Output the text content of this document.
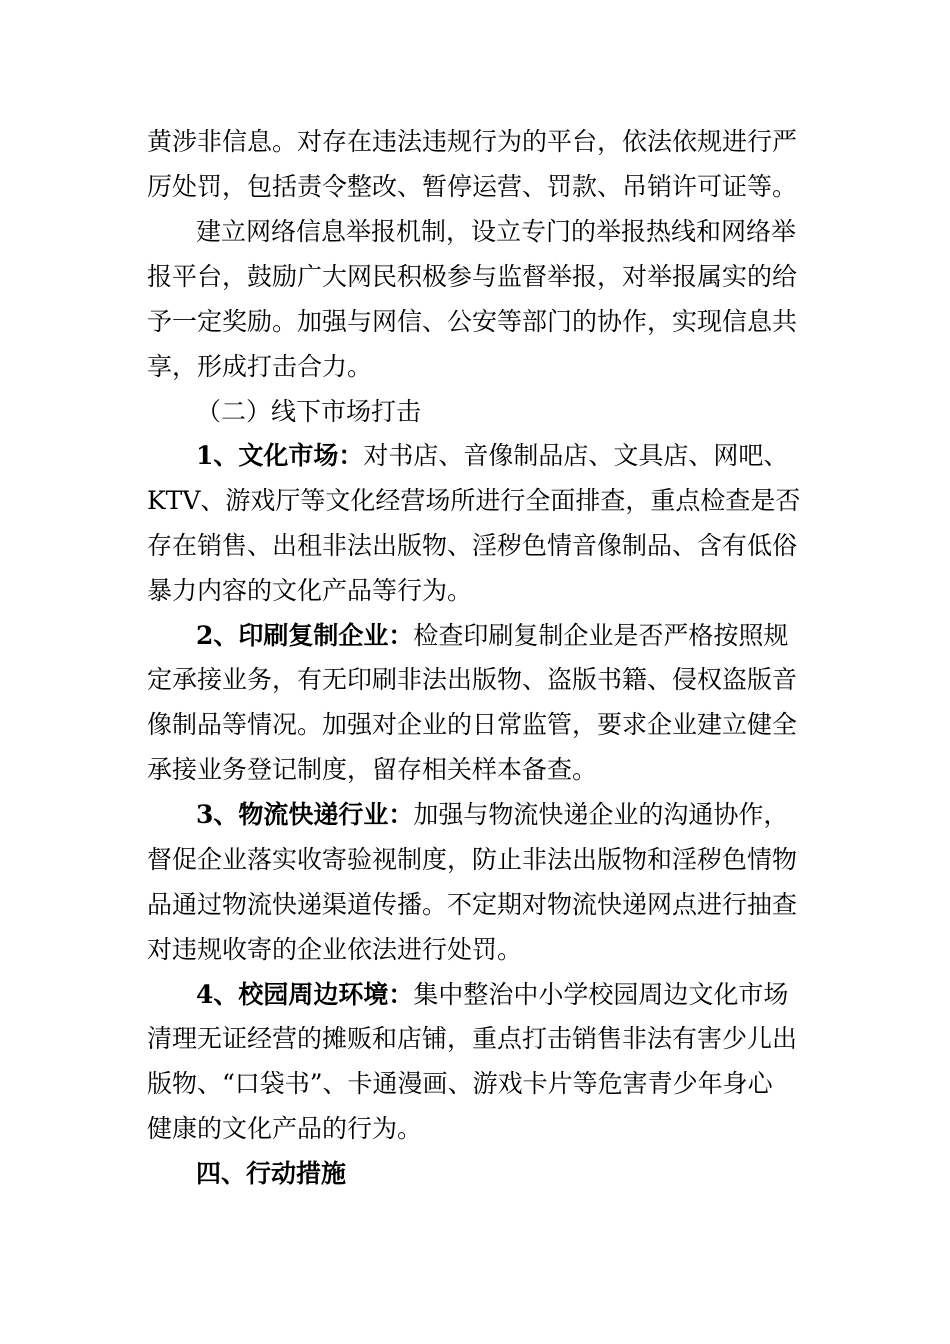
黄涉非信息。对存在违法违规行为的平台，依法依规进行严
厉处罚，包括责令整改、暂停运营、罚款、吊销许可证等。
建立网络信息举报机制，设立专门的举报热线和网络举
报平台，鼓励广大网民积极参与监督举报，对举报属实的给
予一定奖励。加强与网信、公安等部门的协作，实现信息共
享，形成打击合力。
（二）线下市场打击
1、文化市场：对书店、音像制品店、文具店、网吧、
KTV、游戏厅等文化经营场所进行全面排查，重点检查是否
存在销售、出租非法出版物、淫秽色情音像制品、含有低俗
暴力内容的文化产品等行为。
2、印刷复制企业：检查印刷复制企业是否严格按照规
定承接业务，有无印刷非法出版物、盗版书籍、侵权盗版音
像制品等情况。加强对企业的日常监管，要求企业建立健全
承接业务登记制度，留存相关样本备查。
3、物流快递行业：加强与物流快递企业的沟通协作，
督促企业落实收寄验视制度，防止非法出版物和淫秽色情物
品通过物流快递渠道传播。不定期对物流快递网点进行抽查
对违规收寄的企业依法进行处罚。
4、校园周边环境：集中整治中小学校园周边文化市场
清理无证经营的摊贩和店铺，重点打击销售非法有害少儿出
版物、“口袋书”、卡通漫画、游戏卡片等危害青少年身心
健康的文化产品的行为。
四、行动措施
